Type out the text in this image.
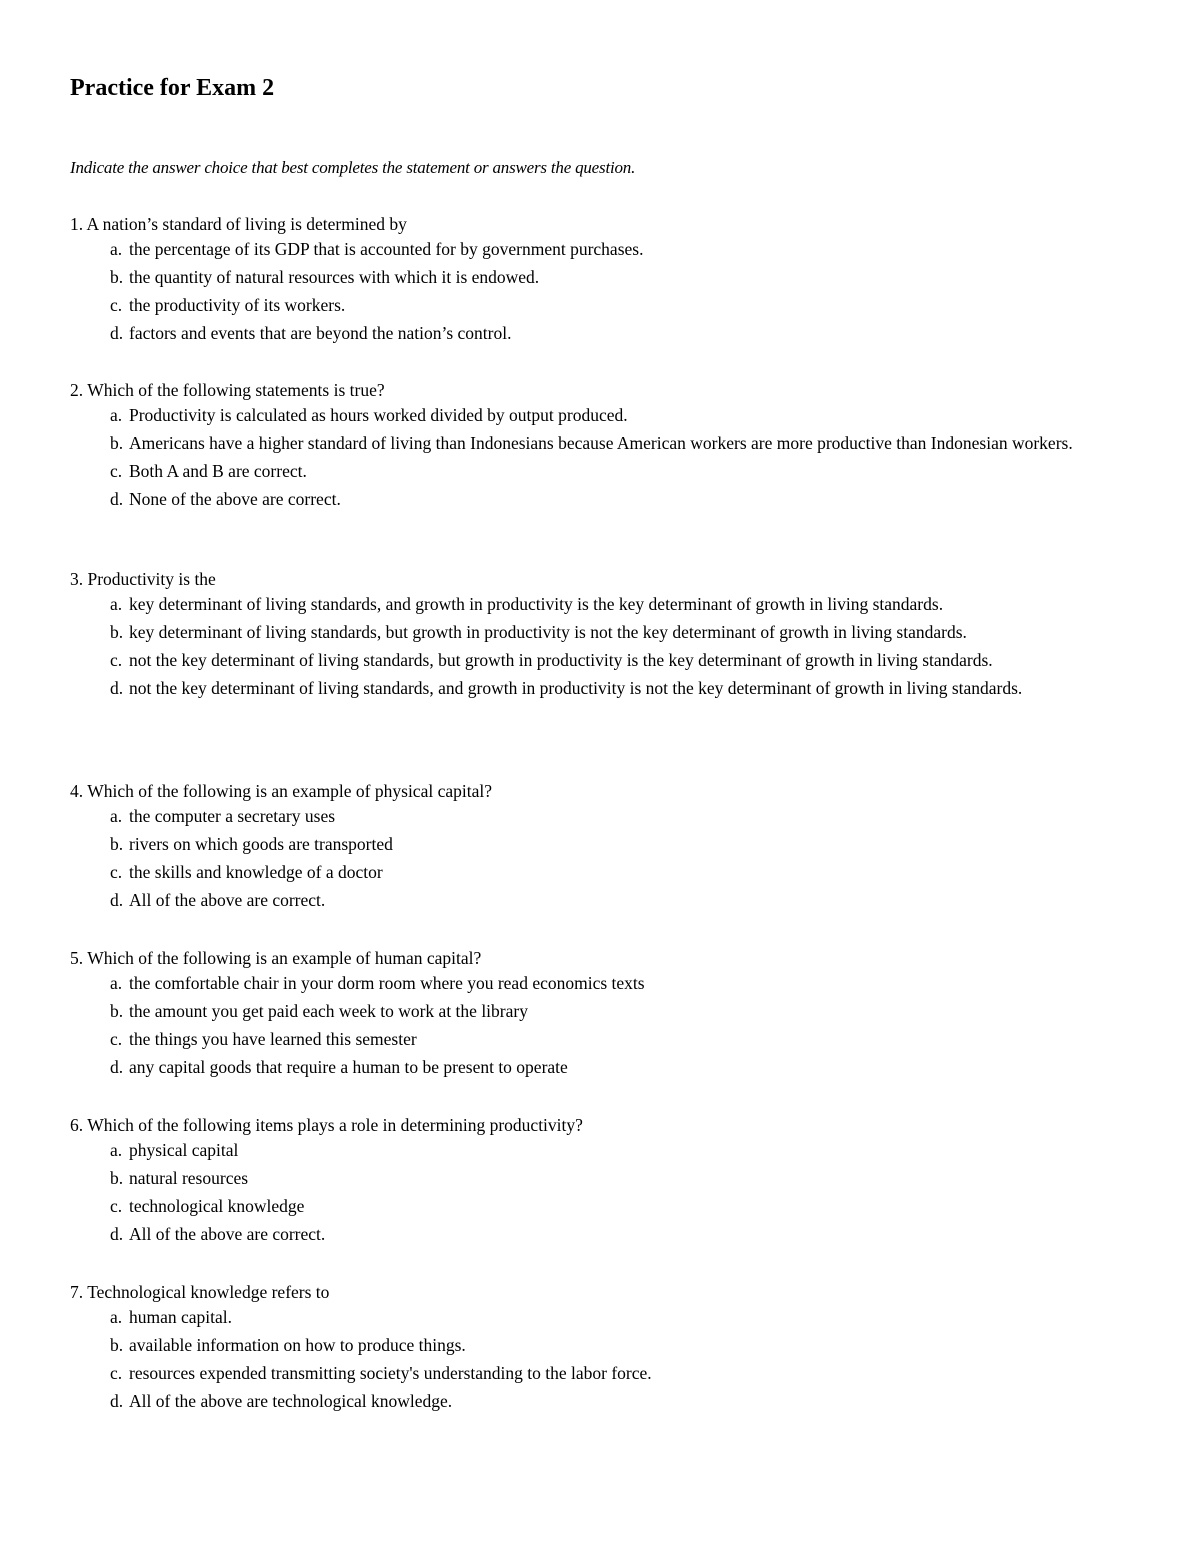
Practice for Exam 2

Indicate the answer choice that best completes the statement or answers the question.

1. A nation’s standard of living is determined by
a. the percentage of its GDP that is accounted for by government purchases.
b. the quantity of natural resources with which it is endowed.
c. the productivity of its workers.
d. factors and events that are beyond the nation’s control.
2. Which of the following statements is true?
a. Productivity is calculated as hours worked divided by output produced.
b. Americans have a higher standard of living than Indonesians because American workers are more productive than Indonesian workers.
c. Both A and B are correct.
d. None of the above are correct.
3. Productivity is the
a. key determinant of living standards, and growth in productivity is the key determinant of growth in living standards.
b. key determinant of living standards, but growth in productivity is not the key determinant of growth in living standards.
c. not the key determinant of living standards, but growth in productivity is the key determinant of growth in living standards.
d. not the key determinant of living standards, and growth in productivity is not the key determinant of growth in living standards.
4. Which of the following is an example of physical capital?
a. the computer a secretary uses
b. rivers on which goods are transported
c. the skills and knowledge of a doctor
d. All of the above are correct.
5. Which of the following is an example of human capital?
a. the comfortable chair in your dorm room where you read economics texts
b. the amount you get paid each week to work at the library
c. the things you have learned this semester
d. any capital goods that require a human to be present to operate
6. Which of the following items plays a role in determining productivity?
a. physical capital
b. natural resources
c. technological knowledge
d. All of the above are correct.
7. Technological knowledge refers to
a. human capital.
b. available information on how to produce things.
c. resources expended transmitting society's understanding to the labor force.
d. All of the above are technological knowledge.
